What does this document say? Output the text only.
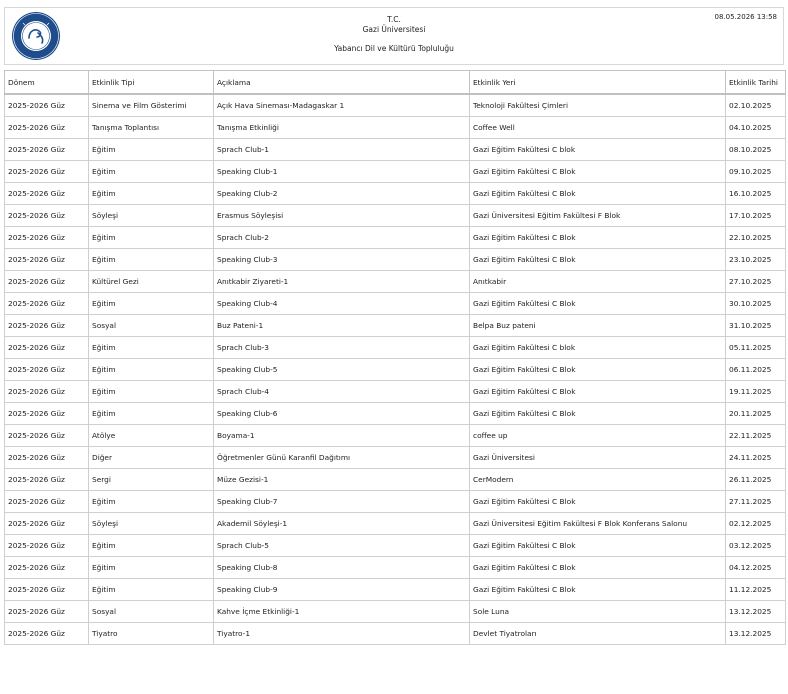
T.C.
Gazi Üniversitesi
Yabancı Dil ve Kültürü Topluluğu
08.05.2026 13:58
Dönem	Etkinlik Tipi	Açıklama	Etkinlik Yeri	Etkinlik Tarihi
2025-2026 Güz	Sinema ve Film Gösterimi	Açık Hava Sineması-Madagaskar 1	Teknoloji Fakültesi Çimleri	02.10.2025
2025-2026 Güz	Tanışma Toplantısı	Tanışma Etkinliği	Coffee Well	04.10.2025
2025-2026 Güz	Eğitim	Sprach Club-1	Gazi Eğitim Fakültesi C blok	08.10.2025
2025-2026 Güz	Eğitim	Speaking Club-1	Gazi Eğitim Fakültesi C Blok	09.10.2025
2025-2026 Güz	Eğitim	Speaking Club-2	Gazi Eğitim Fakültesi C Blok	16.10.2025
2025-2026 Güz	Söyleşi	Erasmus Söyleşisi	Gazi Üniversitesi Eğitim Fakültesi F Blok	17.10.2025
2025-2026 Güz	Eğitim	Sprach Club-2	Gazi Eğitim Fakültesi C Blok	22.10.2025
2025-2026 Güz	Eğitim	Speaking Club-3	Gazi Eğitim Fakültesi C Blok	23.10.2025
2025-2026 Güz	Kültürel Gezi	Anıtkabir Ziyareti-1	Anıtkabir	27.10.2025
2025-2026 Güz	Eğitim	Speaking Club-4	Gazi Eğitim Fakültesi C Blok	30.10.2025
2025-2026 Güz	Sosyal	Buz Pateni-1	Belpa Buz pateni	31.10.2025
2025-2026 Güz	Eğitim	Sprach Club-3	Gazi Eğitim Fakültesi C blok	05.11.2025
2025-2026 Güz	Eğitim	Speaking Club-5	Gazi Eğitim Fakültesi C Blok	06.11.2025
2025-2026 Güz	Eğitim	Sprach Club-4	Gazi Eğitim Fakültesi C Blok	19.11.2025
2025-2026 Güz	Eğitim	Speaking Club-6	Gazi Eğitim Fakültesi C Blok	20.11.2025
2025-2026 Güz	Atölye	Boyama-1	coffee up	22.11.2025
2025-2026 Güz	Diğer	Öğretmenler Günü Karanfil Dağıtımı	Gazi Üniversitesi	24.11.2025
2025-2026 Güz	Sergi	Müze Gezisi-1	CerModern	26.11.2025
2025-2026 Güz	Eğitim	Speaking Club-7	Gazi Eğitim Fakültesi C Blok	27.11.2025
2025-2026 Güz	Söyleşi	Akademil Söyleşi-1	Gazi Üniversitesi Eğitim Fakültesi F Blok Konferans Salonu	02.12.2025
2025-2026 Güz	Eğitim	Sprach Club-5	Gazi Eğitim Fakültesi C Blok	03.12.2025
2025-2026 Güz	Eğitim	Speaking Club-8	Gazi Eğitim Fakültesi C Blok	04.12.2025
2025-2026 Güz	Eğitim	Speaking Club-9	Gazi Eğitim Fakültesi C Blok	11.12.2025
2025-2026 Güz	Sosyal	Kahve İçme Etkinliği-1	Sole Luna	13.12.2025
2025-2026 Güz	Tiyatro	Tiyatro-1	Devlet Tiyatroları	13.12.2025
